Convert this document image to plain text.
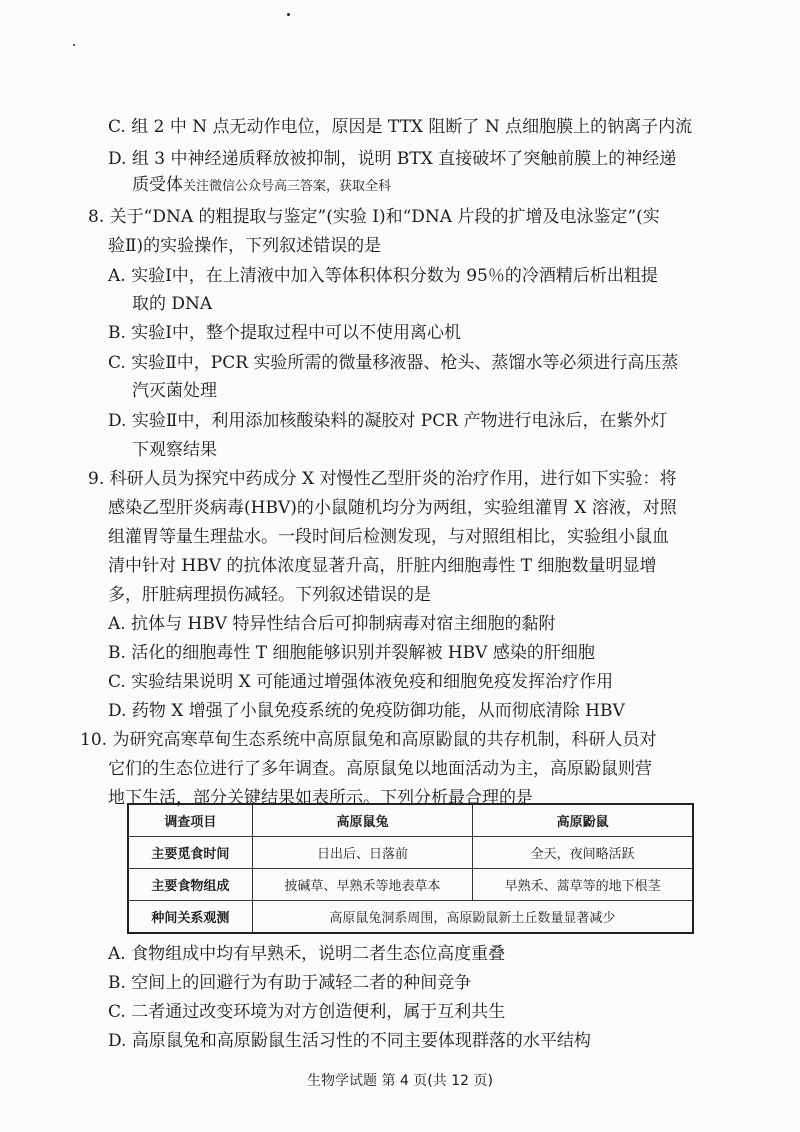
C. 组 2 中 N 点无动作电位，原因是 TTX 阻断了 N 点细胞膜上的钠离子内流
D. 组 3 中神经递质释放被抑制，说明 BTX 直接破坏了突触前膜上的神经递
质受体关注微信公众号高三答案，获取全科
8. 关于“DNA 的粗提取与鉴定”(实验 Ⅰ)和“DNA 片段的扩增及电泳鉴定”(实
验Ⅱ)的实验操作，下列叙述错误的是
A. 实验Ⅰ中，在上清液中加入等体积体积分数为 95％的冷酒精后析出粗提
取的 DNA
B. 实验Ⅰ中，整个提取过程中可以不使用离心机
C. 实验Ⅱ中，PCR 实验所需的微量移液器、枪头、蒸馏水等必须进行高压蒸
汽灭菌处理
D. 实验Ⅱ中，利用添加核酸染料的凝胶对 PCR 产物进行电泳后，在紫外灯
下观察结果
9. 科研人员为探究中药成分 X 对慢性乙型肝炎的治疗作用，进行如下实验：将
感染乙型肝炎病毒(HBV)的小鼠随机均分为两组，实验组灌胃 X 溶液，对照
组灌胃等量生理盐水。一段时间后检测发现，与对照组相比，实验组小鼠血
清中针对 HBV 的抗体浓度显著升高，肝脏内细胞毒性 T 细胞数量明显增
多，肝脏病理损伤减轻。下列叙述错误的是
A. 抗体与 HBV 特异性结合后可抑制病毒对宿主细胞的黏附
B. 活化的细胞毒性 T 细胞能够识别并裂解被 HBV 感染的肝细胞
C. 实验结果说明 X 可能通过增强体液免疫和细胞免疫发挥治疗作用
D. 药物 X 增强了小鼠免疫系统的免疫防御功能，从而彻底清除 HBV
10. 为研究高寒草甸生态系统中高原鼠兔和高原鼢鼠的共存机制，科研人员对
它们的生态位进行了多年调查。高原鼠兔以地面活动为主，高原鼢鼠则营
地下生活，部分关键结果如表所示。下列分析最合理的是
调查项目	高原鼠兔	高原鼢鼠
主要觅食时间	日出后、日落前	全天，夜间略活跃
主要食物组成	披碱草、早熟禾等地表草本	早熟禾、蒿草等的地下根茎
种间关系观测	高原鼠兔洞系周围，高原鼢鼠新土丘数量显著减少	
A. 食物组成中均有早熟禾，说明二者生态位高度重叠
B. 空间上的回避行为有助于减轻二者的种间竞争
C. 二者通过改变环境为对方创造便利，属于互利共生
D. 高原鼠兔和高原鼢鼠生活习性的不同主要体现群落的水平结构
生物学试题 第 4 页(共 12 页)
